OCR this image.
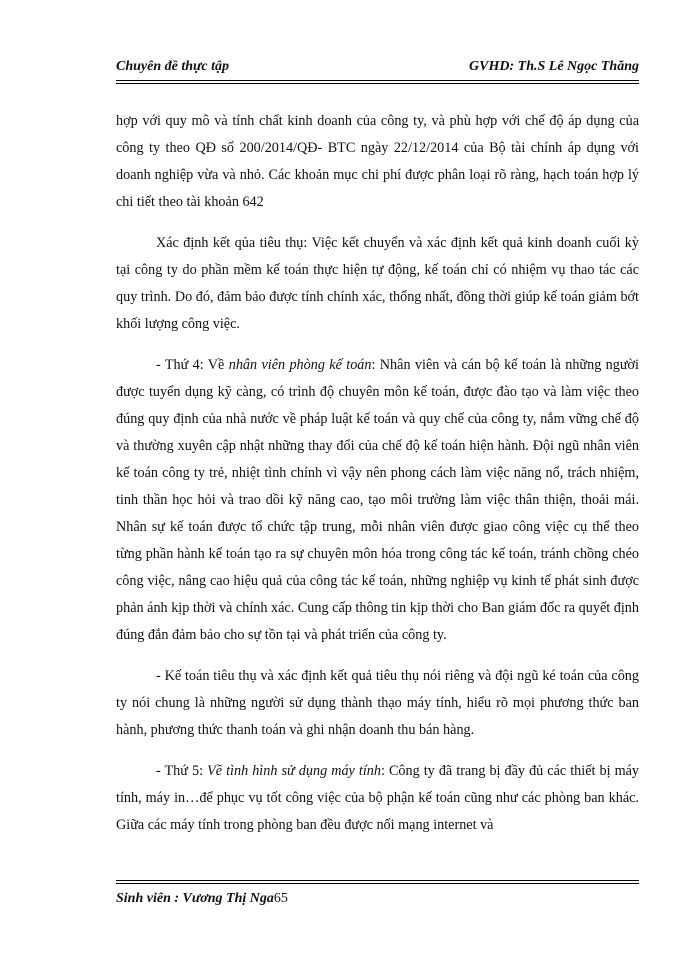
Chuyên đề thực tập	GVHD: Th.S Lê Ngọc Thăng

hợp với quy mô và tính chất kinh doanh của công ty, và phù hợp với chế độ áp dụng của công ty theo QĐ số 200/2014/QĐ- BTC ngày 22/12/2014 của Bộ tài chính áp dụng với doanh nghiệp vừa và nhỏ. Các khoản mục chi phí được phân loại rõ ràng, hạch toán hợp lý chi tiết theo tài khoản 642

Xác định kết qủa tiêu thụ: Việc kết chuyển và xác định kết quả kinh doanh cuối kỳ tại công ty do phần mềm kế toán thực hiện tự động, kế toán chỉ có nhiệm vụ thao tác các quy trình. Do đó, đảm bảo được tính chính xác, thống nhất, đồng thời giúp kế toán giảm bớt khối lượng công việc.

- Thứ 4: Về nhân viên phòng kế toán: Nhân viên và cán bộ kế toán là những người được tuyển dụng kỹ càng, có trình độ chuyên môn kế toán, được đào tạo và làm việc theo đúng quy định của nhà nước về pháp luật kế toán và quy chế của công ty, nắm vững chế độ và thường xuyên cập nhật những thay đổi của chế độ kế toán hiện hành. Đội ngũ nhân viên kế toán công ty trẻ, nhiệt tình chính vì vậy nên phong cách làm việc năng nổ, trách nhiệm, tinh thần học hỏi và trao dồi kỹ năng cao, tạo môi trường làm việc thân thiện, thoải mái. Nhân sự kế toán được tổ chức tập trung, mỗi nhân viên được giao công việc cụ thể theo từng phần hành kế toán tạo ra sự chuyên môn hóa trong công tác kế toán, tránh chồng chéo công việc, nâng cao hiệu quả của công tác kế toán, những nghiệp vụ kinh tế phát sinh được phản ánh kịp thời và chính xác. Cung cấp thông tin kịp thời cho Ban giám đốc ra quyết định đúng đắn đảm bảo cho sự tồn tại và phát triển của công ty.

- Kế toán tiêu thụ và xác định kết quả tiêu thụ nói riêng và đội ngũ ké toán của công ty nói chung là những người sử dụng thành thạo máy tính, hiểu rõ mọi phương thức ban hành, phương thức thanh toán và ghi nhận doanh thu bán hàng.

- Thứ 5: Về tình hình sử dụng máy tính: Công ty đã trang bị đầy đủ các thiết bị máy tính, máy in…để phục vụ tốt công việc của bộ phận kế toán cũng như các phòng ban khác. Giữa các máy tính trong phòng ban đều được nối mạng internet và

Sinh viên : Vương Thị Nga65
